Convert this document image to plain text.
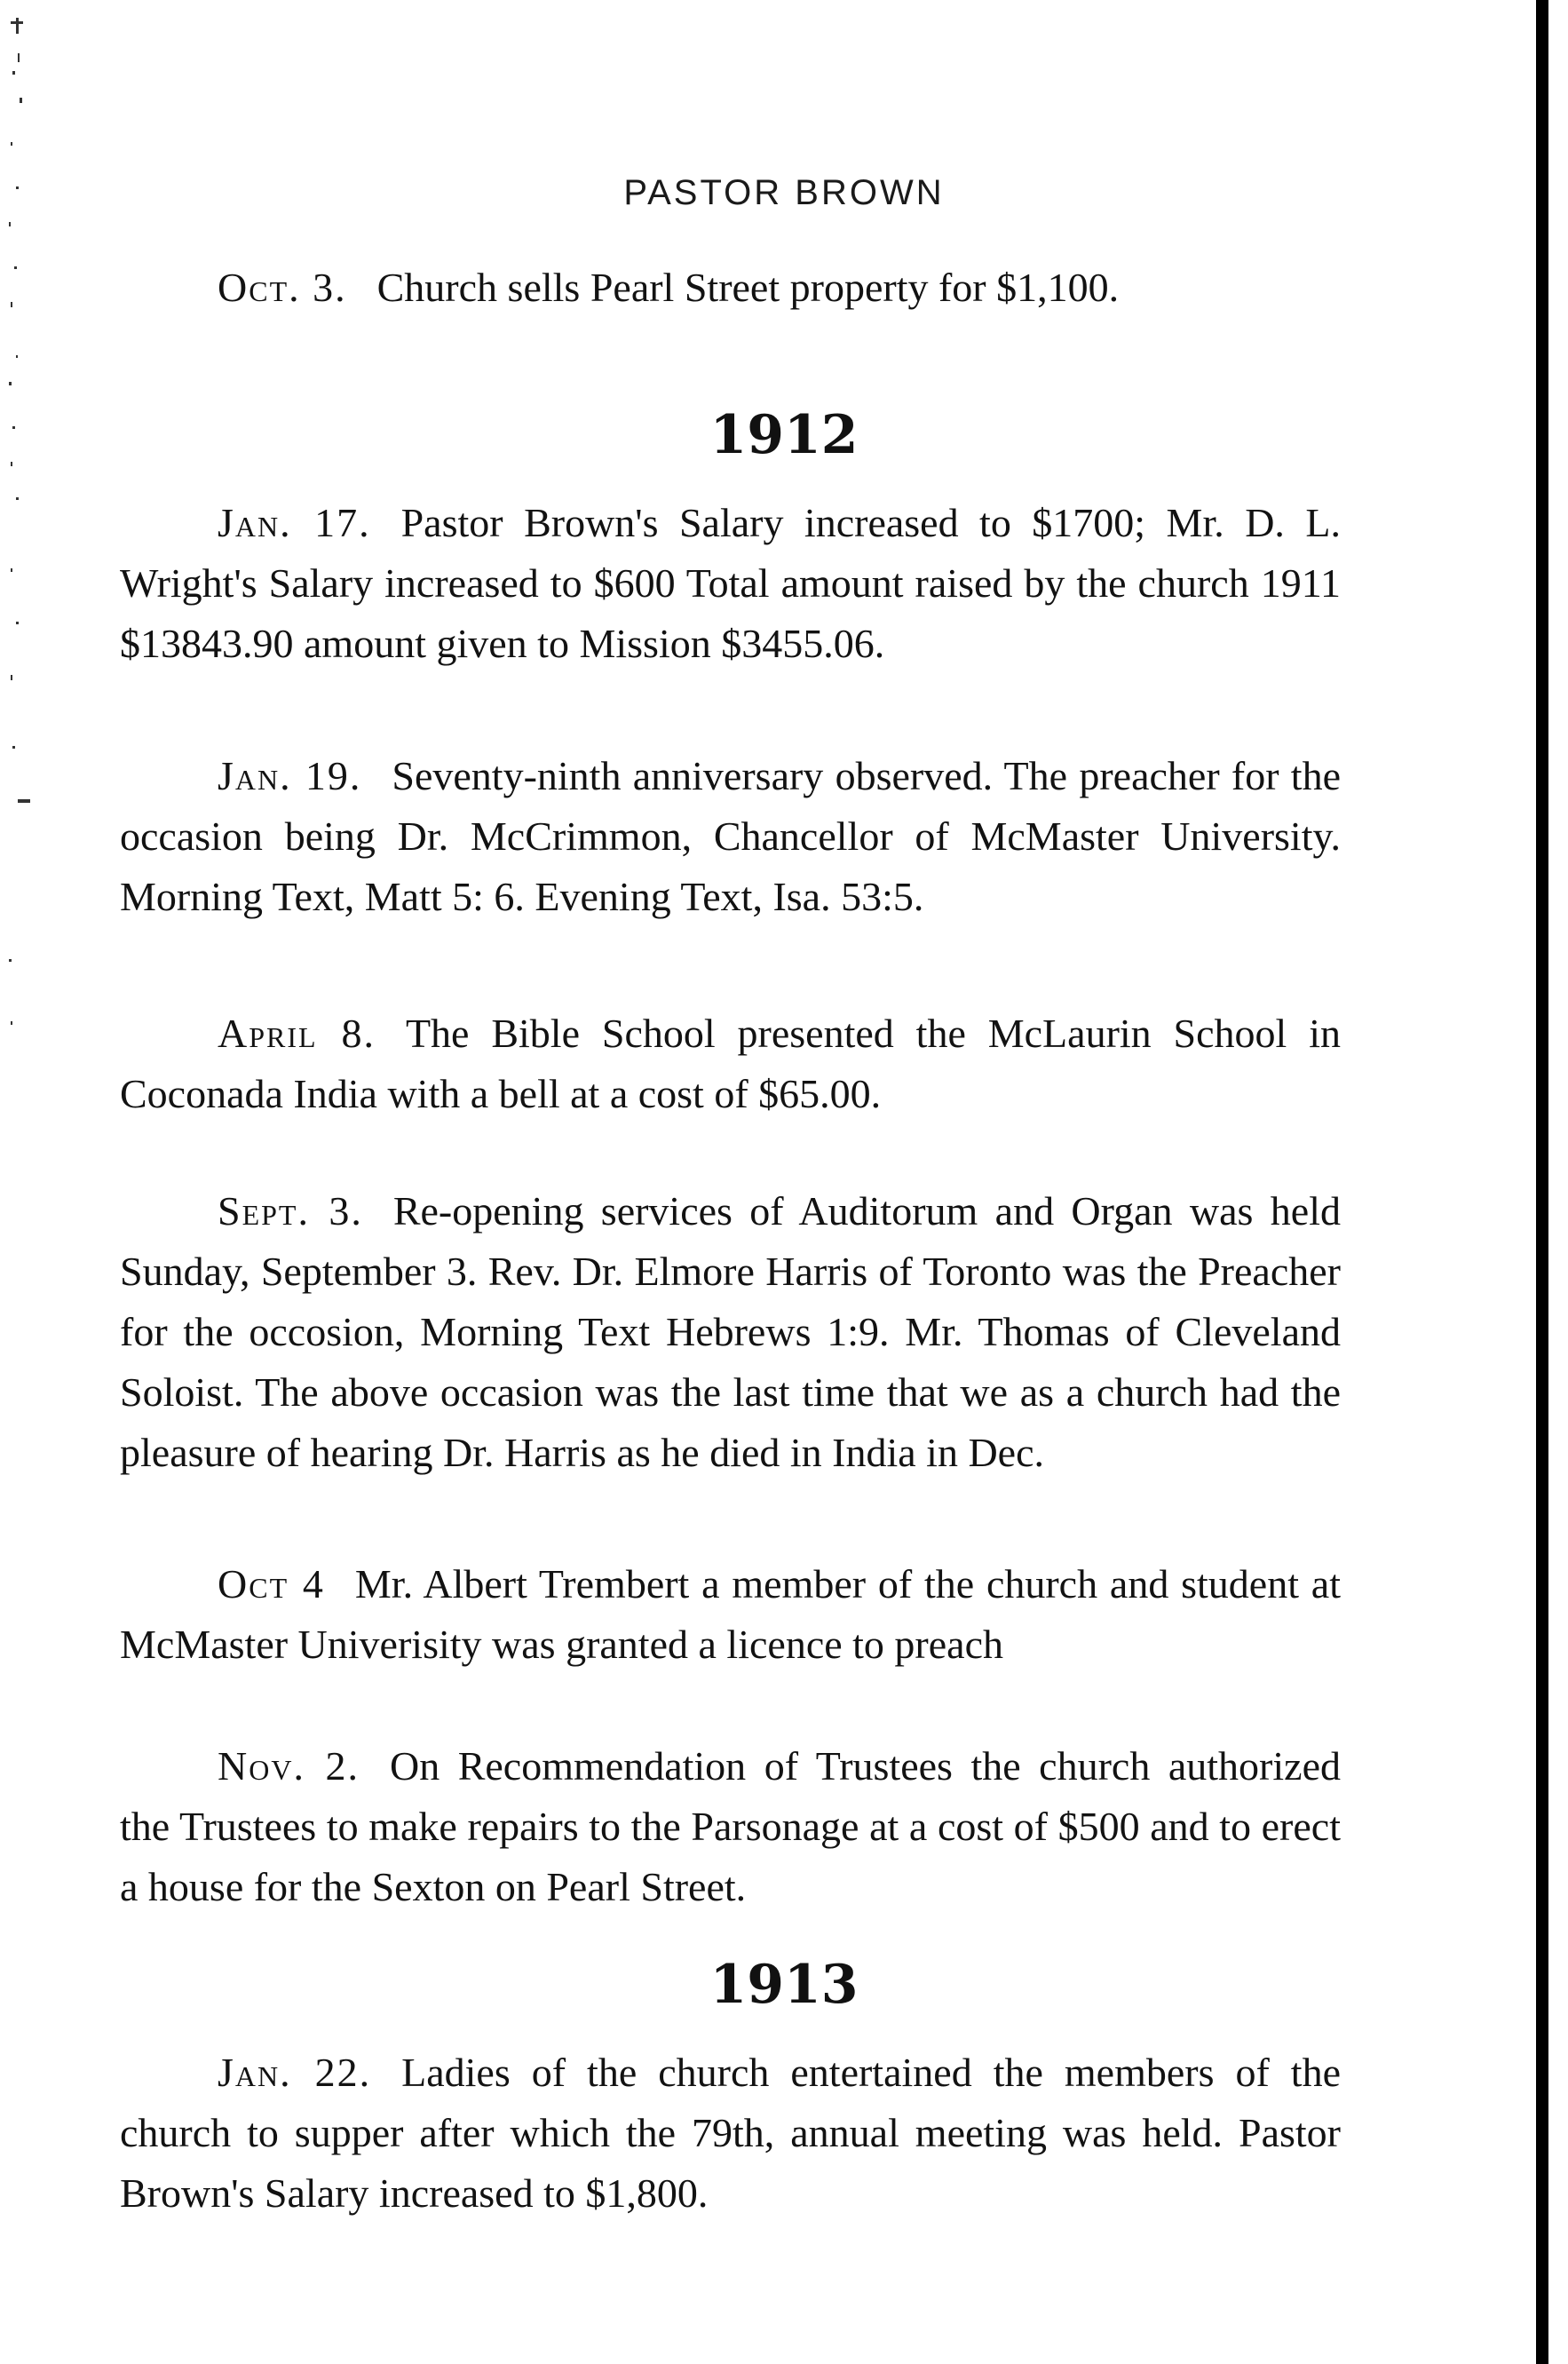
PASTOR BROWN

Oct. 3. Church sells Pearl Street property for $1,100.

1912

Jan. 17. Pastor Brown's Salary increased to $1700; Mr. D. L. Wright's Salary increased to $600 Total amount raised by the church 1911 $13843.90 amount given to Mission $3455.06.

Jan. 19. Seventy-ninth anniversary observed. The preacher for the occasion being Dr. McCrimmon, Chancellor of McMaster University. Morning Text, Matt 5: 6. Evening Text, Isa. 53:5.

April 8. The Bible School presented the McLaurin School in Coconada India with a bell at a cost of $65.00.

Sept. 3. Re-opening services of Auditorum and Organ was held Sunday, September 3. Rev. Dr. Elmore Harris of Toronto was the Preacher for the occosion, Morning Text Hebrews 1:9. Mr. Thomas of Cleveland Soloist. The above occasion was the last time that we as a church had the pleasure of hearing Dr. Harris as he died in India in Dec.

Oct 4 Mr. Albert Trembert a member of the church and student at McMaster Univerisity was granted a licence to preach

Nov. 2. On Recommendation of Trustees the church authorized the Trustees to make repairs to the Parsonage at a cost of $500 and to erect a house for the Sexton on Pearl Street.

1913

Jan. 22. Ladies of the church entertained the members of the church to supper after which the 79th, annual meeting was held. Pastor Brown's Salary increased to $1,800.
